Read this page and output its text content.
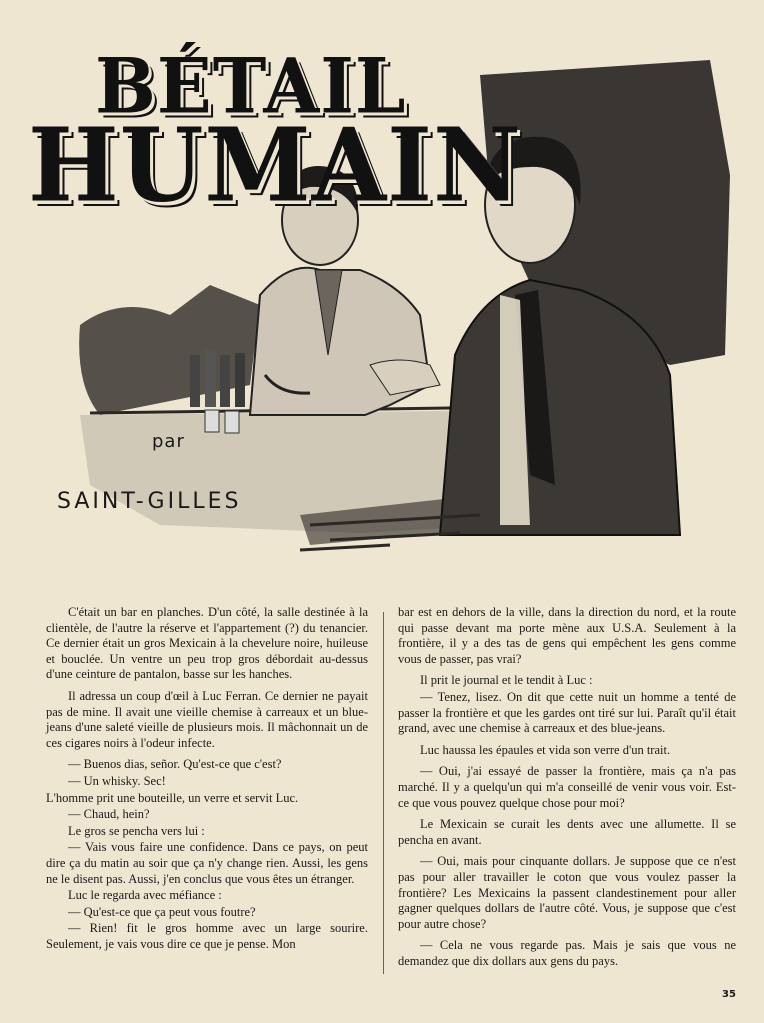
BÉTAIL
HUMAIN
par
SAINT-GILLES

C'était un bar en planches. D'un côté, la salle destinée à la clientèle, de l'autre la réserve et l'appartement (?) du tenancier. Ce dernier était un gros Mexicain à la chevelure noire, huileuse et bouclée. Un ventre un peu trop gros débordait au-dessus d'une ceinture de pantalon, basse sur les hanches.

Il adressa un coup d'œil à Luc Ferran. Ce dernier ne payait pas de mine. Il avait une vieille chemise à carreaux et un blue-jeans d'une saleté vieille de plusieurs mois. Il mâchonnait un de ces cigares noirs à l'odeur infecte.

— Buenos dias, señor. Qu'est-ce que c'est?

— Un whisky. Sec!

L'homme prit une bouteille, un verre et servit Luc.

— Chaud, hein?

Le gros se pencha vers lui :

— Vais vous faire une confidence. Dans ce pays, on peut dire ça du matin au soir que ça n'y change rien. Aussi, les gens ne le disent pas. Aussi, j'en conclus que vous êtes un étranger.

Luc le regarda avec méfiance :

— Qu'est-ce que ça peut vous foutre?

— Rien! fit le gros homme avec un large sourire. Seulement, je vais vous dire ce que je pense. Mon

bar est en dehors de la ville, dans la direction du nord, et la route qui passe devant ma porte mène aux U.S.A. Seulement à la frontière, il y a des tas de gens qui empêchent les gens comme vous de passer, pas vrai?

Il prit le journal et le tendit à Luc :

— Tenez, lisez. On dit que cette nuit un homme a tenté de passer la frontière et que les gardes ont tiré sur lui. Paraît qu'il était grand, avec une chemise à carreaux et des blue-jeans.

Luc haussa les épaules et vida son verre d'un trait.

— Oui, j'ai essayé de passer la frontière, mais ça n'a pas marché. Il y a quelqu'un qui m'a conseillé de venir vous voir. Est-ce que vous pouvez quelque chose pour moi?

Le Mexicain se curait les dents avec une allumette. Il se pencha en avant.

— Oui, mais pour cinquante dollars. Je suppose que ce n'est pas pour aller travailler le coton que vous voulez passer la frontière? Les Mexicains la passent clandestinement pour aller gagner quelques dollars de l'autre côté. Vous, je suppose que c'est pour autre chose?

— Cela ne vous regarde pas. Mais je sais que vous ne demandez que dix dollars aux gens du pays.

35
